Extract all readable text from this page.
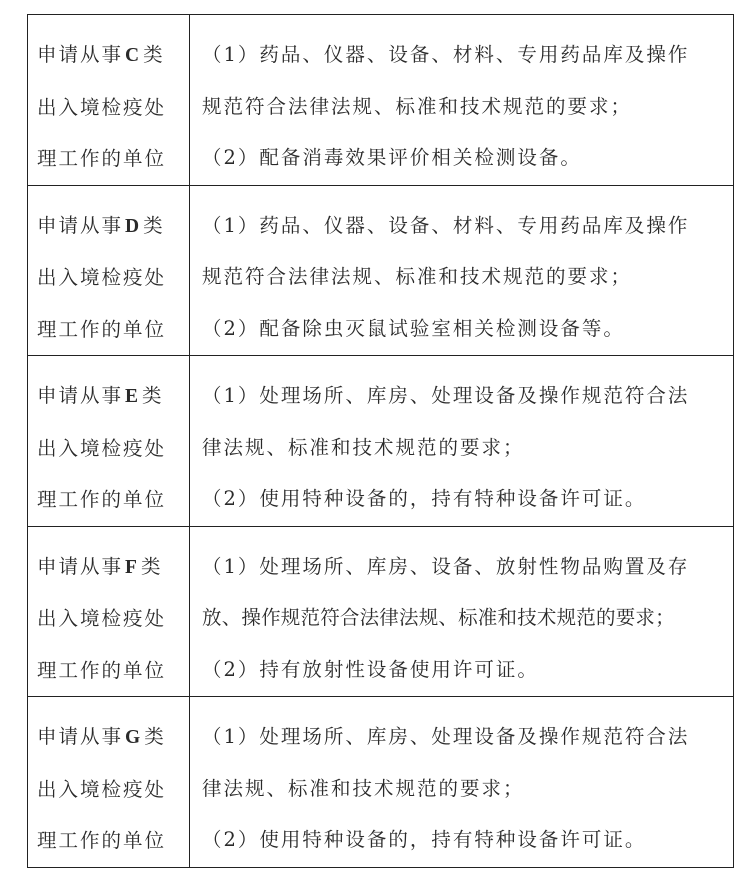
申请从事 C 类
出入境检疫处
理工作的单位	（1）药品、仪器、设备、材料、专用药品库及操作
规范符合法律法规、标准和技术规范的要求；
（2）配备消毒效果评价相关检测设备。

申请从事 D 类
出入境检疫处
理工作的单位	（1）药品、仪器、设备、材料、专用药品库及操作
规范符合法律法规、标准和技术规范的要求；
（2）配备除虫灭鼠试验室相关检测设备等。

申请从事 E 类
出入境检疫处
理工作的单位	（1）处理场所、库房、处理设备及操作规范符合法
律法规、标准和技术规范的要求；
（2）使用特种设备的，持有特种设备许可证。

申请从事 F 类
出入境检疫处
理工作的单位	（1）处理场所、库房、设备、放射性物品购置及存
放、操作规范符合法律法规、标准和技术规范的要求；
（2）持有放射性设备使用许可证。

申请从事 G 类
出入境检疫处
理工作的单位	（1）处理场所、库房、处理设备及操作规范符合法
律法规、标准和技术规范的要求；
（2）使用特种设备的，持有特种设备许可证。
